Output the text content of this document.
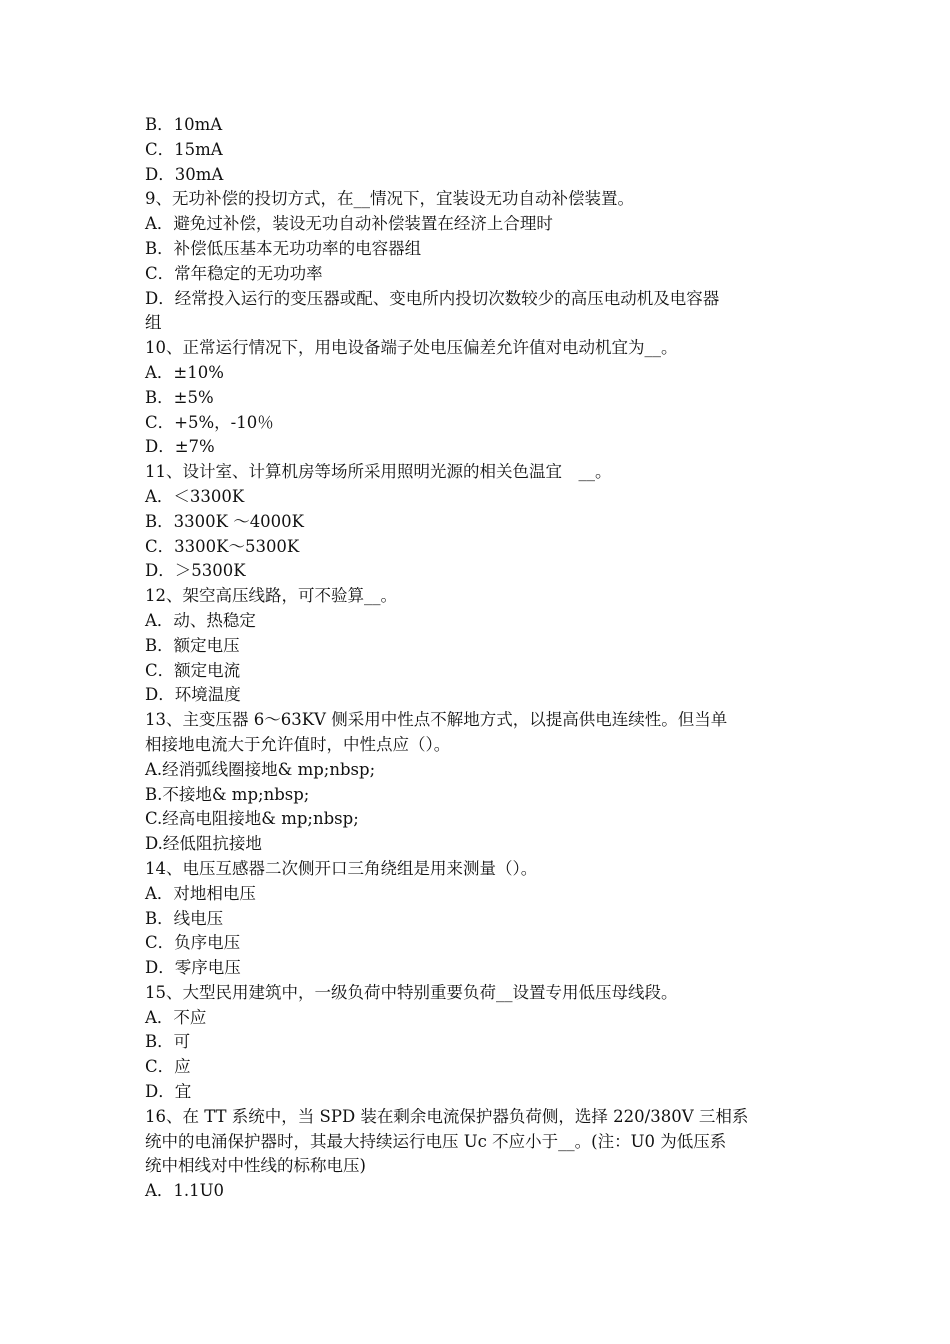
B．10mA

C．15mA

D．30mA

9、无功补偿的投切方式，在__情况下，宜装设无功自动补偿装置。

A．避免过补偿，装设无功自动补偿装置在经济上合理时

B．补偿低压基本无功功率的电容器组

C．常年稳定的无功功率

D．经常投入运行的变压器或配、变电所内投切次数较少的高压电动机及电容器

组

10、正常运行情况下，用电设备端子处电压偏差允许值对电动机宜为__。

A．±10%

B．±5%

C．+5%，-10％

D．±7%

11、设计室、计算机房等场所采用照明光源的相关色温宜　__。

A．＜3300K

B．3300K ～4000K

C．3300K～5300K

D．＞5300K

12、架空高压线路，可不验算__。

A．动、热稳定

B．额定电压

C．额定电流

D．环境温度

13、主变压器 6～63KV 侧采用中性点不解地方式，以提高供电连续性。但当单

相接地电流大于允许值时，中性点应（）。

A.经消弧线圈接地& mp;nbsp;

B.不接地& mp;nbsp;

C.经高电阻接地& mp;nbsp;

D.经低阻抗接地

14、电压互感器二次侧开口三角绕组是用来测量（）。

A．对地相电压

B．线电压

C．负序电压

D．零序电压

15、大型民用建筑中，一级负荷中特别重要负荷__设置专用低压母线段。

A．不应

B．可

C．应

D．宜

16、在 TT 系统中，当 SPD 装在剩余电流保护器负荷侧，选择 220/380V 三相系

统中的电涌保护器时，其最大持续运行电压 Uc 不应小于__。(注：U0 为低压系

统中相线对中性线的标称电压)

A．1.1U0
